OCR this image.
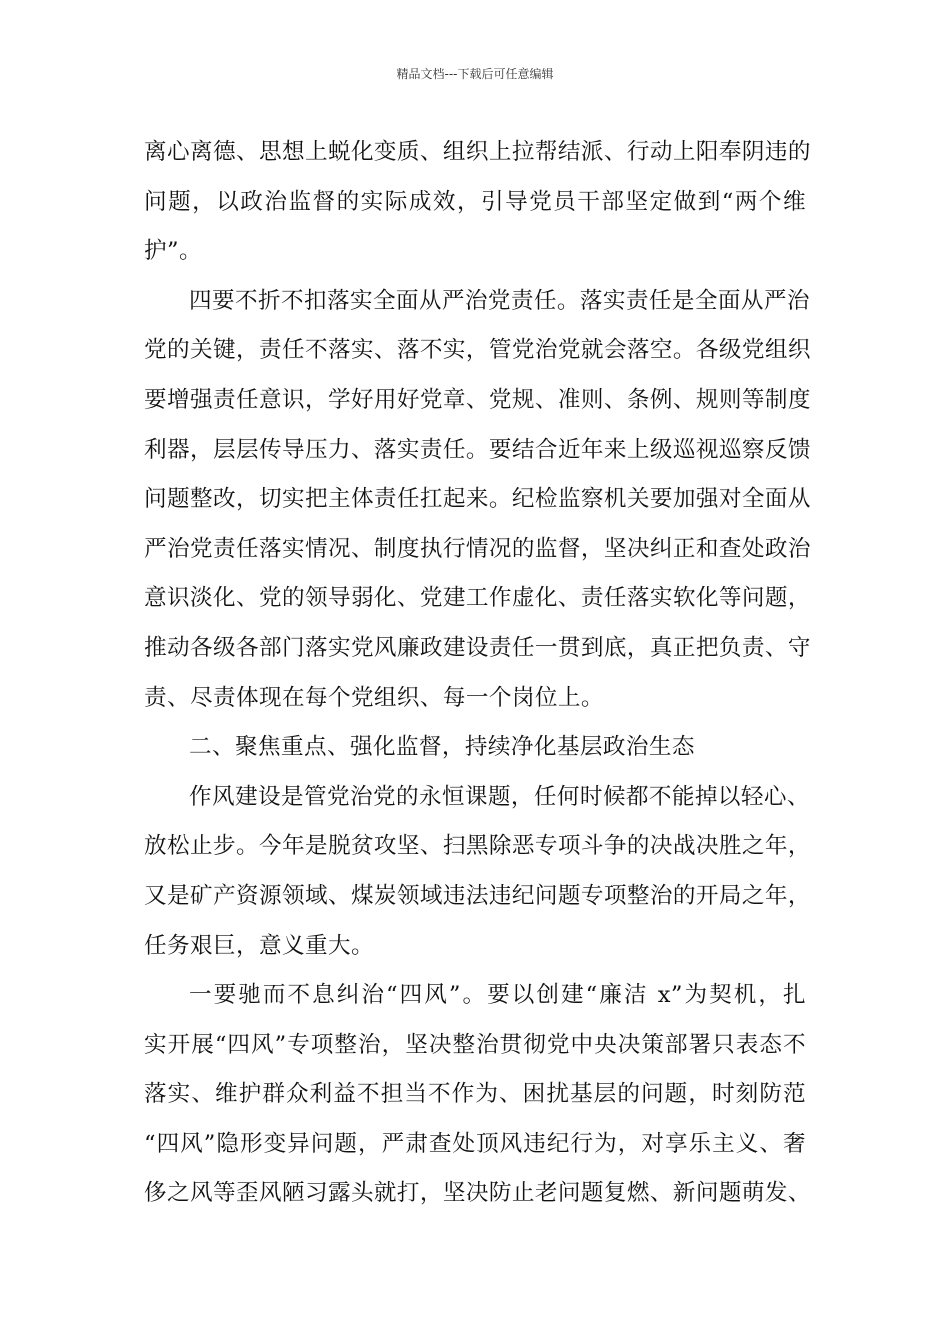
精品文档---下载后可任意编辑
离心离德、思想上蜕化变质、组织上拉帮结派、行动上阳奉阴违的
问题，以政治监督的实际成效，引导党员干部坚定做到“两个维
护”。
四要不折不扣落实全面从严治党责任。落实责任是全面从严治
党的关键，责任不落实、落不实，管党治党就会落空。各级党组织
要增强责任意识，学好用好党章、党规、准则、条例、规则等制度
利器，层层传导压力、落实责任。要结合近年来上级巡视巡察反馈
问题整改，切实把主体责任扛起来。纪检监察机关要加强对全面从
严治党责任落实情况、制度执行情况的监督，坚决纠正和查处政治
意识淡化、党的领导弱化、党建工作虚化、责任落实软化等问题，
推动各级各部门落实党风廉政建设责任一贯到底，真正把负责、守
责、尽责体现在每个党组织、每一个岗位上。
二、聚焦重点、强化监督，持续净化基层政治生态
作风建设是管党治党的永恒课题，任何时候都不能掉以轻心、
放松止步。今年是脱贫攻坚、扫黑除恶专项斗争的决战决胜之年，
又是矿产资源领域、煤炭领域违法违纪问题专项整治的开局之年，
任务艰巨，意义重大。
一要驰而不息纠治“四风”。要以创建“廉洁 x”为契机，扎
实开展“四风”专项整治，坚决整治贯彻党中央决策部署只表态不
落实、维护群众利益不担当不作为、困扰基层的问题，时刻防范
“四风”隐形变异问题，严肃查处顶风违纪行为，对享乐主义、奢
侈之风等歪风陋习露头就打，坚决防止老问题复燃、新问题萌发、
